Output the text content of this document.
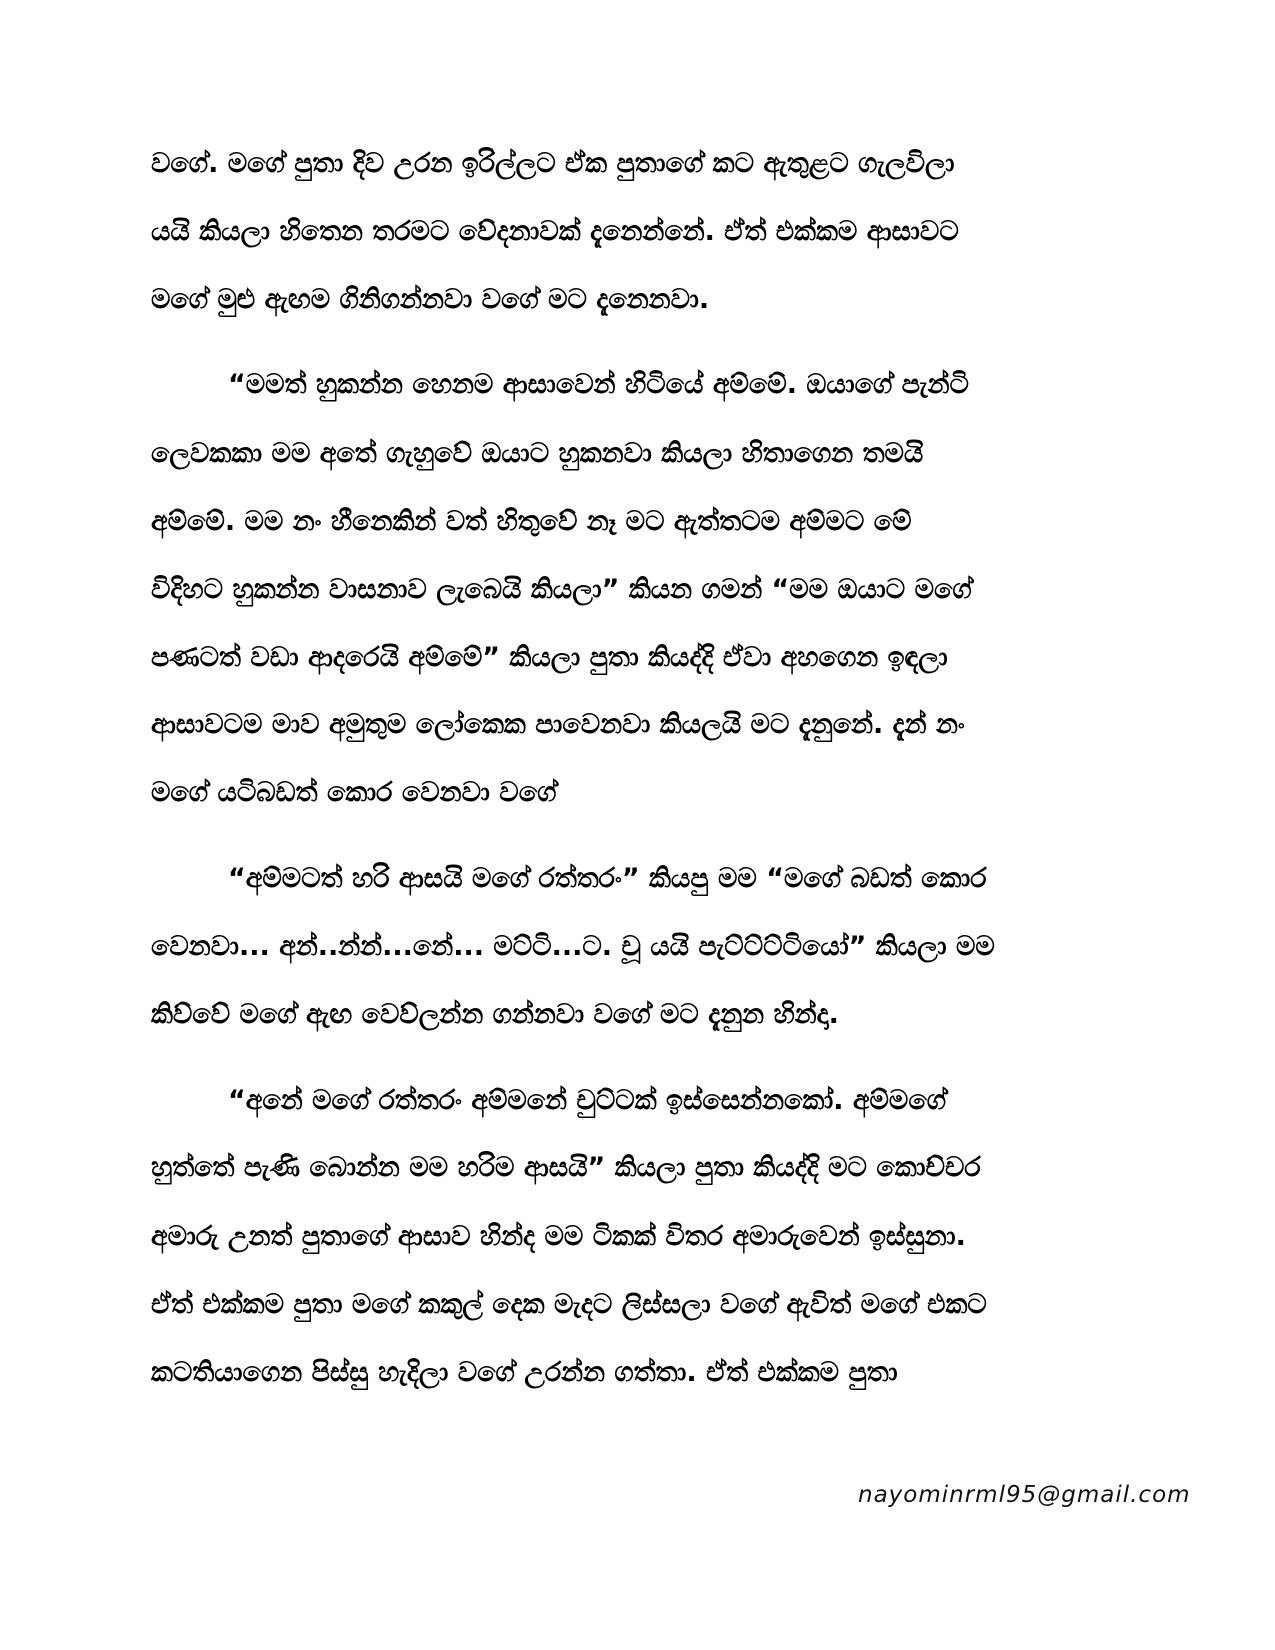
වගේ. මගේ පුතා දිව උරන ඉරිල්ලට ඒක පුතාගේ කට ඇතුළට ගැලවිලා
යයි කියලා හිතෙන තරමට වේදනාවක් දැනෙන්නේ. ඒත් එක්කම ආසාවට
මගේ මුළු ඇඟම ගිනිගන්නවා වගේ මට දැනෙනවා.
“මමත් හුකන්න හෙනම ආසාවෙන් හිටියේ අම්මේ. ඔයාගේ පැන්ටි
ලෙවකකා මම අතේ ගැහුවේ ඔයාට හුකනවා කියලා හිතාගෙන තමයි
අම්මේ. මම නං හීනෙකින් වත් හිතුවේ නෑ මට ඇත්තටම අම්මට මේ
විදිහට හුකන්න වාසනාව ලැබෙයි කියලා” කියන ගමන් “මම ඔයාට මගේ
පණටත් වඩා ආදරෙයි අම්මේ” කියලා පුතා කියද්දි ඒවා අහගෙන ඉඳලා
ආසාවටම මාව අමුතුම ලෝකෙක පාවෙනවා කියලයි මට දැනුනේ. දැන් නං
මගේ යටිබඩත් කොර වෙනවා වගේ
“අම්මටත් හරි ආසයි මගේ රත්තරං” කියපු මම “මගේ බඩත් කොර
වෙනවා... අන්..න්න්...නේ... මට්ටි...ට. චූ යයි පැට්ට්ට්ටියෝ” කියලා මම
කිව්වේ මගේ ඇඟ වෙව්ලන්න ගන්නවා වගේ මට දැනුන හින්දා.
“අනේ මගේ රත්තරං අම්මනේ චුට්ටක් ඉස්සෙන්නකෝ. අම්මගේ
හුත්තේ පැණි බොන්න මම හරිම ආසයි” කියලා පුතා කියද්දි මට කොච්චර
අමාරු උනත් පුතාගේ ආසාව හින්ද මම ටිකක් විතර අමාරුවෙන් ඉස්සුනා.
ඒත් එක්කම පුතා මගේ කකුල් දෙක මැදට ලිස්සලා වගේ ඇවිත් මගේ එකට
කටතියාගෙන පිස්සු හැදිලා වගේ උරන්න ගත්තා. ඒත් එක්කම පුතා
nayominrml95@gmail.com
